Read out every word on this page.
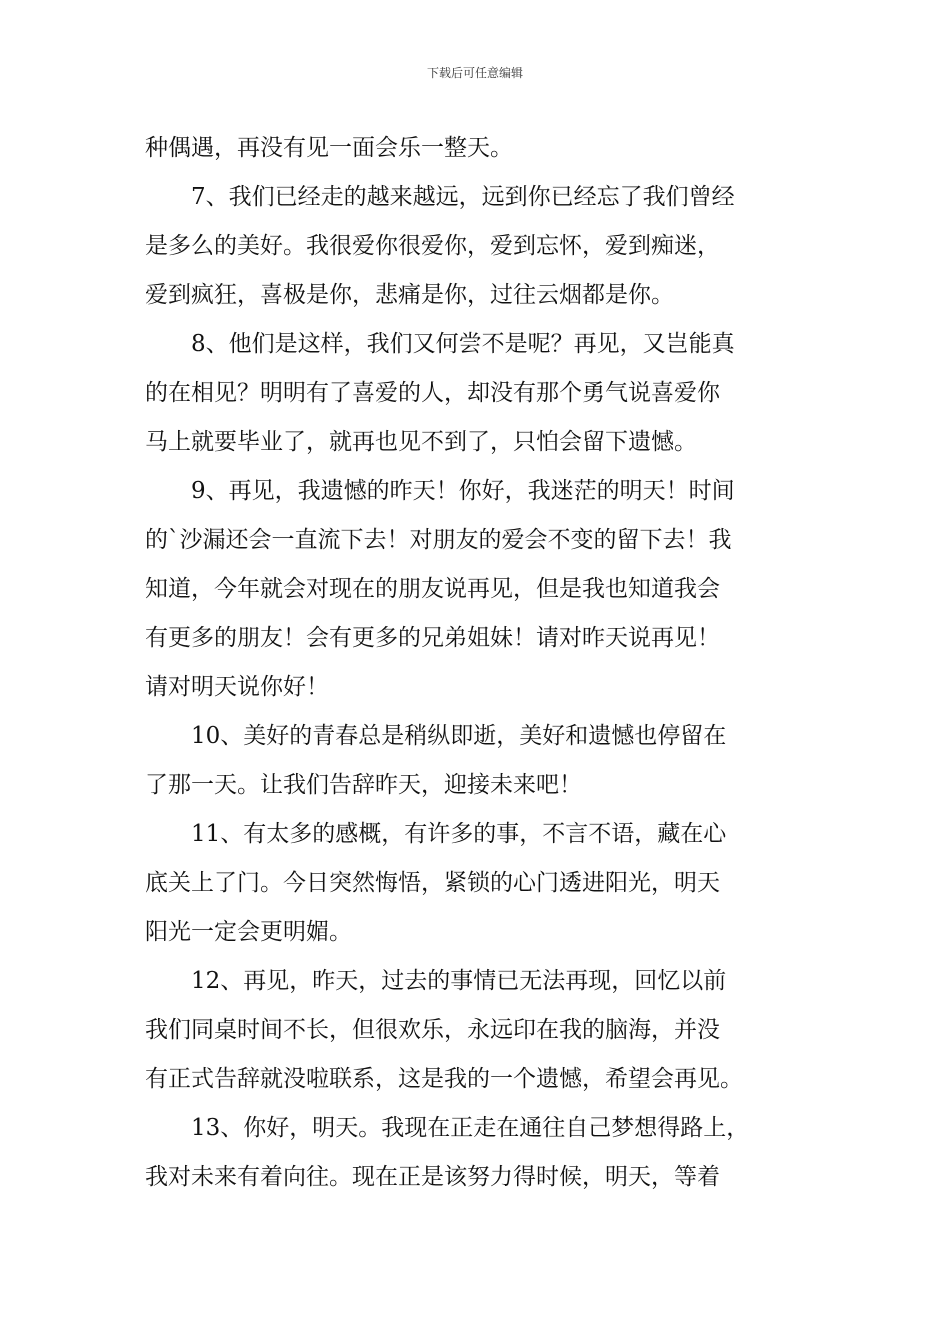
下载后可任意编辑

种偶遇，再没有见一面会乐一整天。

7、我们已经走的越来越远，远到你已经忘了我们曾经
是多么的美好。我很爱你很爱你，爱到忘怀，爱到痴迷，
爱到疯狂，喜极是你，悲痛是你，过往云烟都是你。

8、他们是这样，我们又何尝不是呢？再见，又岂能真
的在相见？明明有了喜爱的人，却没有那个勇气说喜爱你
马上就要毕业了，就再也见不到了，只怕会留下遗憾。

9、再见，我遗憾的昨天！你好，我迷茫的明天！时间
的`沙漏还会一直流下去！对朋友的爱会不变的留下去！我
知道，今年就会对现在的朋友说再见，但是我也知道我会
有更多的朋友！会有更多的兄弟姐妹！请对昨天说再见！
请对明天说你好！

10、美好的青春总是稍纵即逝，美好和遗憾也停留在
了那一天。让我们告辞昨天，迎接未来吧！

11、有太多的感概，有许多的事，不言不语，藏在心
底关上了门。今日突然悔悟，紧锁的心门透进阳光，明天
阳光一定会更明媚。

12、再见，昨天，过去的事情已无法再现，回忆以前
我们同桌时间不长，但很欢乐，永远印在我的脑海，并没
有正式告辞就没啦联系，这是我的一个遗憾，希望会再见。

13、你好，明天。我现在正走在通往自己梦想得路上，
我对未来有着向往。现在正是该努力得时候，明天，等着
